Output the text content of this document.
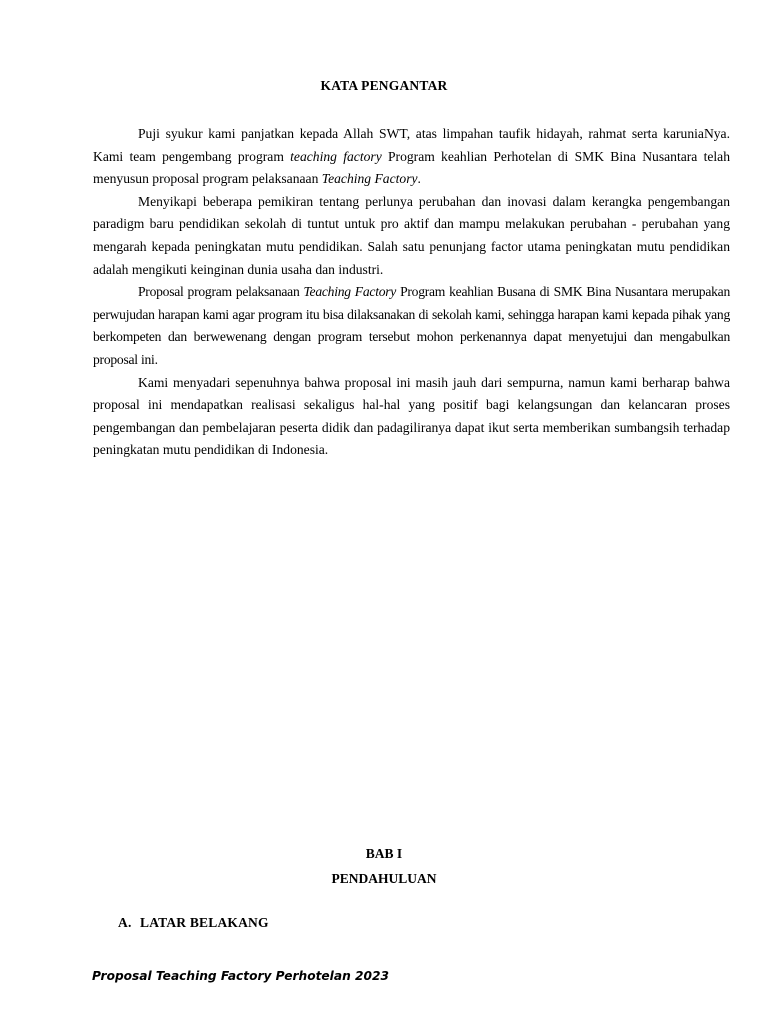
KATA PENGANTAR

Puji syukur kami panjatkan kepada Allah SWT, atas limpahan taufik hidayah, rahmat serta karuniaNya. Kami team pengembang program teaching factory Program keahlian Perhotelan di SMK Bina Nusantara telah menyusun proposal program pelaksanaan Teaching Factory.

Menyikapi beberapa pemikiran tentang perlunya perubahan dan inovasi dalam kerangka pengembangan paradigm baru pendidikan sekolah di tuntut untuk pro aktif dan mampu melakukan perubahan - perubahan yang mengarah kepada peningkatan mutu pendidikan. Salah satu penunjang factor utama peningkatan mutu pendidikan adalah mengikuti keinginan dunia usaha dan industri.

Proposal program pelaksanaan Teaching Factory Program keahlian Busana di SMK Bina Nusantara merupakan perwujudan harapan kami agar program itu bisa dilaksanakan di sekolah kami, sehingga harapan kami kepada pihak yang berkompeten dan berwewenang dengan program tersebut mohon perkenannya dapat menyetujui dan mengabulkan proposal ini.

Kami menyadari sepenuhnya bahwa proposal ini masih jauh dari sempurna, namun kami berharap bahwa proposal ini mendapatkan realisasi sekaligus hal-hal yang positif bagi kelangsungan dan kelancaran proses pengembangan dan pembelajaran peserta didik dan padagiliranya dapat ikut serta memberikan sumbangsih terhadap peningkatan mutu pendidikan di Indonesia.

BAB I
PENDAHULUAN
A. LATAR BELAKANG
Proposal Teaching Factory Perhotelan 2023
